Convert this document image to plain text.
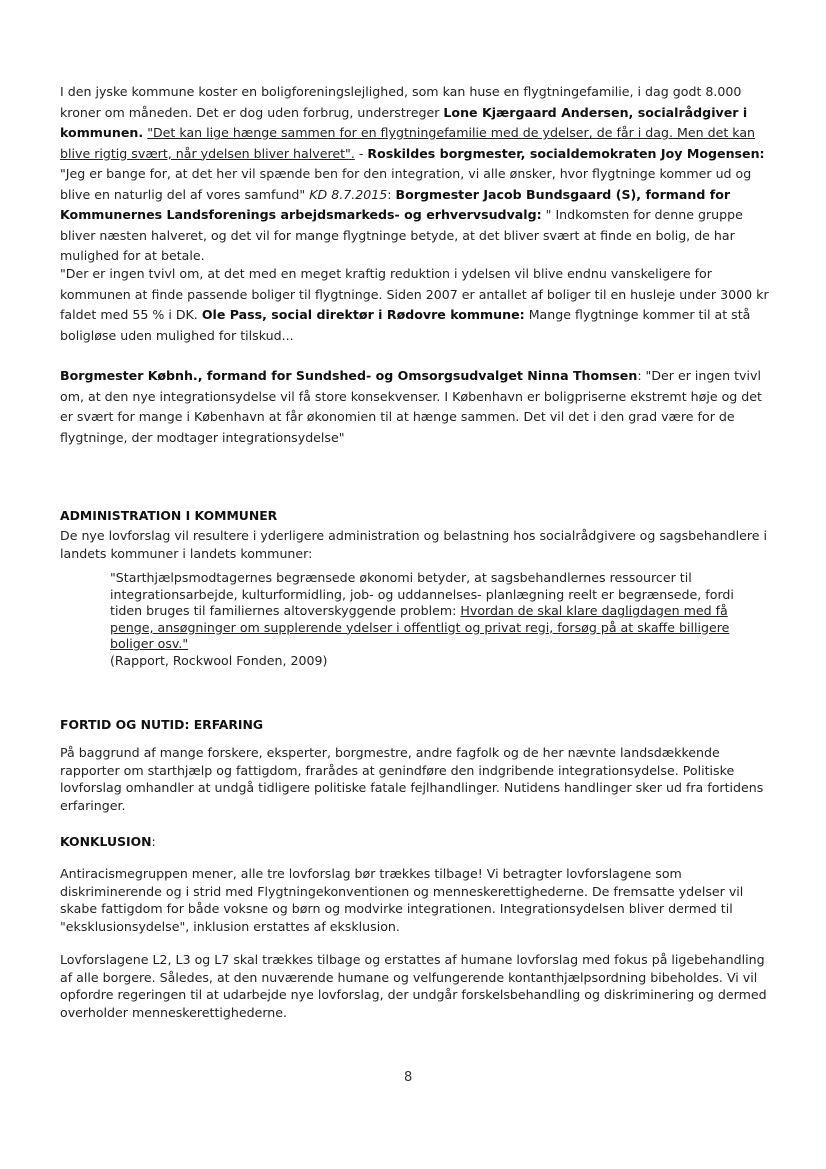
I den jyske kommune koster en boligforeningslejlighed, som kan huse en flygtningefamilie, i dag godt 8.000 kroner om måneden. Det er dog uden forbrug, understreger Lone Kjærgaard Andersen, socialrådgiver i kommunen. "Det kan lige hænge sammen for en flygtningefamilie med de ydelser, de får i dag. Men det kan blive rigtig svært, når ydelsen bliver halveret". - Roskildes borgmester, socialdemokraten Joy Mogensen: "Jeg er bange for, at det her vil spænde ben for den integration, vi alle ønsker, hvor flygtninge kommer ud og blive en naturlig del af vores samfund" KD 8.7.2015: Borgmester Jacob Bundsgaard (S), formand for Kommunernes Landsforenings arbejdsmarkeds- og erhvervsudvalg: " Indkomsten for denne gruppe bliver næsten halveret, og det vil for mange flygtninge betyde, at det bliver svært at finde en bolig, de har mulighed for at betale.

"Der er ingen tvivl om, at det med en meget kraftig reduktion i ydelsen vil blive endnu vanskeligere for kommunen at finde passende boliger til flygtninge. Siden 2007 er antallet af boliger til en husleje under 3000 kr faldet med 55 % i DK. Ole Pass, social direktør i Rødovre kommune: Mange flygtninge kommer til at stå boligløse uden mulighed for tilskud...

Borgmester Købnh., formand for Sundshed- og Omsorgsudvalget Ninna Thomsen: "Der er ingen tvivl om, at den nye integrationsydelse vil få store konsekvenser. I København er boligpriserne ekstremt høje og det er svært for mange i København at får økonomien til at hænge sammen. Det vil det i den grad være for de flygtninge, der modtager integrationsydelse"

ADMINISTRATION I KOMMUNER

De nye lovforslag vil resultere i yderligere administration og belastning hos socialrådgivere og sagsbehandlere i landets kommuner i landets kommuner:

"Starthjælpsmodtagernes begrænsede økonomi betyder, at sagsbehandlernes ressourcer til integrationsarbejde, kulturformidling, job- og uddannelses- planlægning reelt er begrænsede, fordi tiden bruges til familiernes altoverskyggende problem: Hvordan de skal klare dagligdagen med få penge, ansøgninger om supplerende ydelser i offentligt og privat regi, forsøg på at skaffe billigere boliger osv."

(Rapport, Rockwool Fonden, 2009)

FORTID OG NUTID: ERFARING

På baggrund af mange forskere, eksperter, borgmestre, andre fagfolk og de her nævnte landsdækkende rapporter om starthjælp og fattigdom, frarådes at genindføre den indgribende integrationsydelse. Politiske lovforslag omhandler at undgå tidligere politiske fatale fejlhandlinger. Nutidens handlinger sker ud fra fortidens erfaringer.

KONKLUSION:

Antiracismegruppen mener, alle tre lovforslag bør trækkes tilbage! Vi betragter lovforslagene som diskriminerende og i strid med Flygtningekonventionen og menneskerettighederne. De fremsatte ydelser vil skabe fattigdom for både voksne og børn og modvirke integrationen. Integrationsydelsen bliver dermed til "eksklusionsydelse", inklusion erstattes af eksklusion.

Lovforslagene L2, L3 og L7 skal trækkes tilbage og erstattes af humane lovforslag med fokus på ligebehandling af alle borgere. Således, at den nuværende humane og velfungerende kontanthjælpsordning bibeholdes. Vi vil opfordre regeringen til at udarbejde nye lovforslag, der undgår forskelsbehandling og diskriminering og dermed overholder menneskerettighederne.

8
